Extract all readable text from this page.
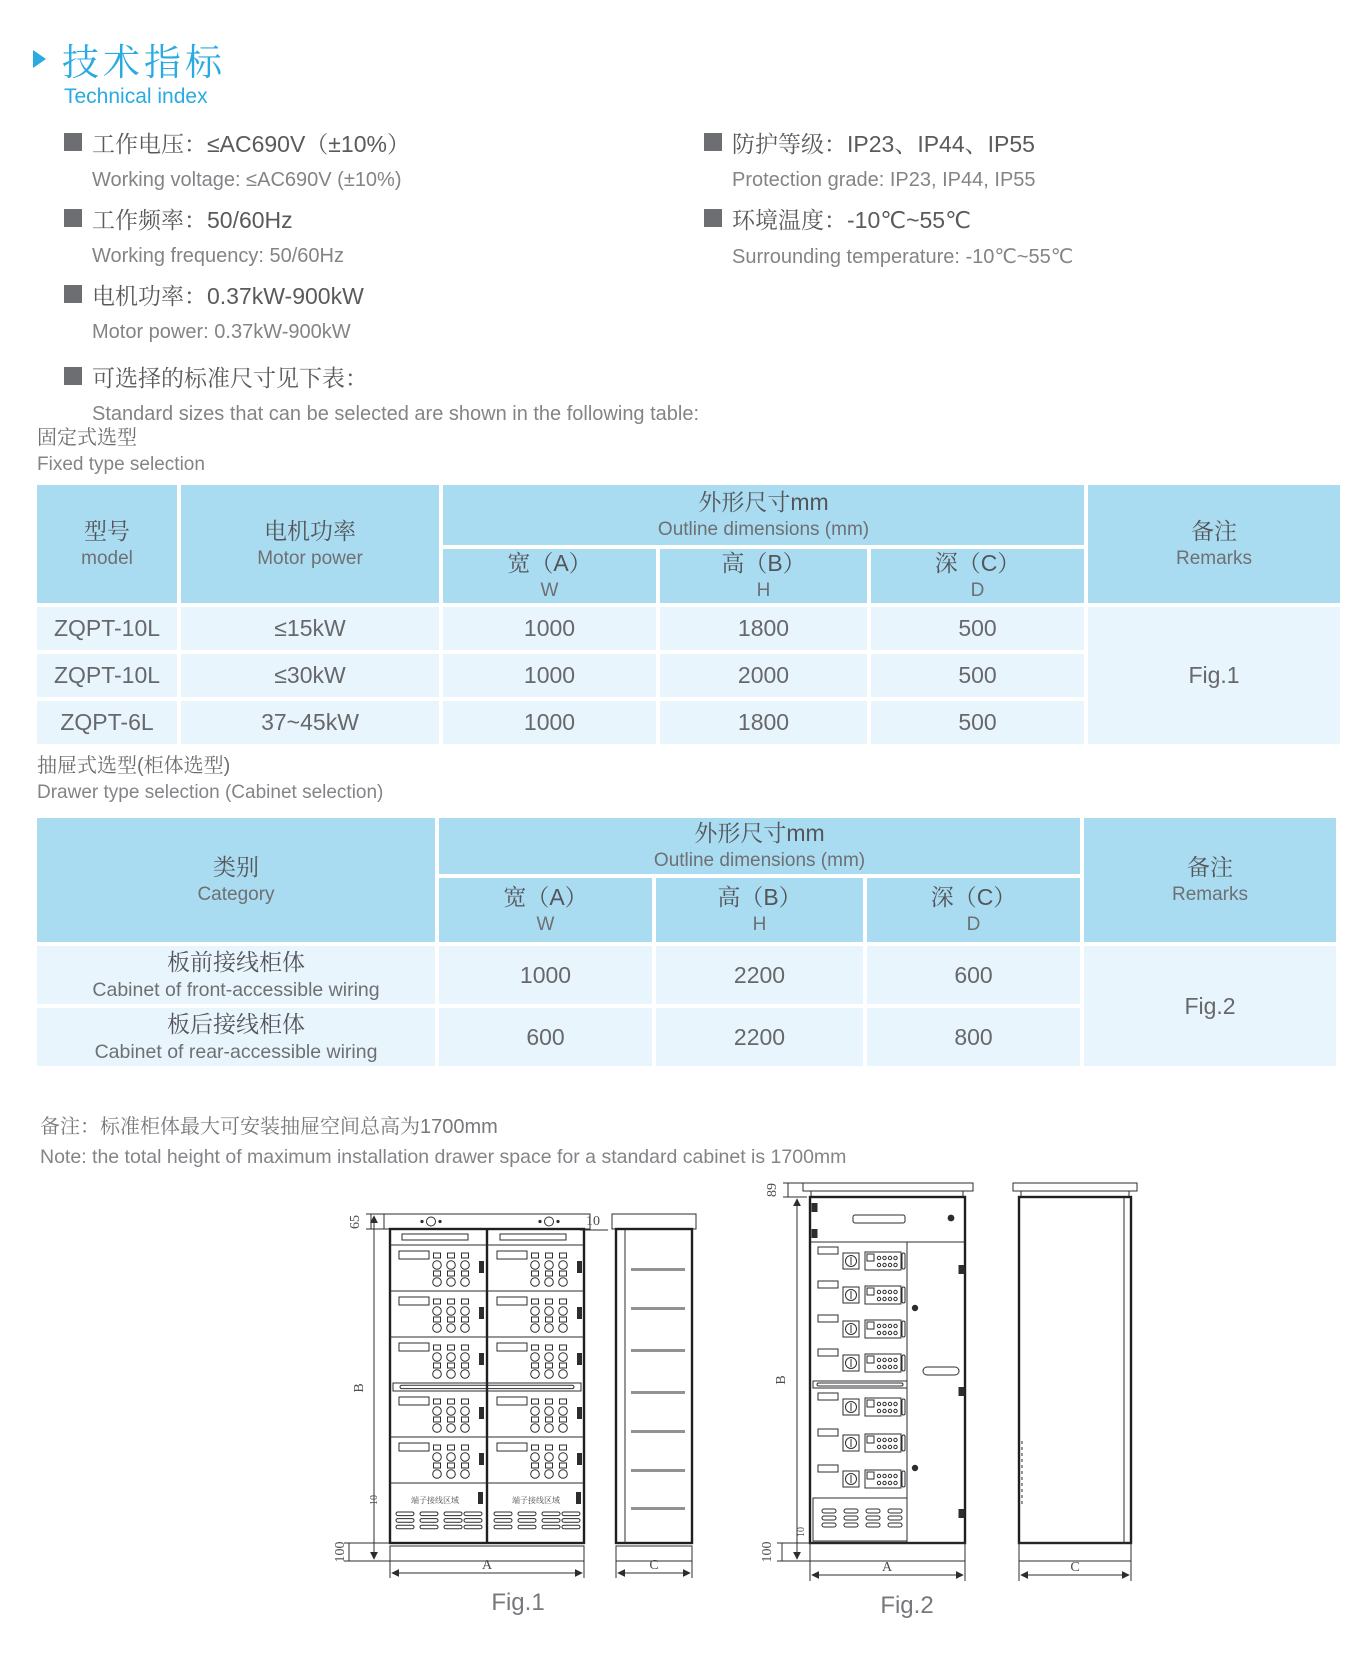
技术指标
Technical index
工作电压：≤AC690V（±10%）
Working voltage: ≤AC690V (±10%)
工作频率：50/60Hz
Working frequency: 50/60Hz
电机功率：0.37kW-900kW
Motor power: 0.37kW-900kW
防护等级：IP23、IP44、IP55
Protection grade: IP23, IP44, IP55
环境温度：-10℃~55℃
Surrounding temperature: -10℃~55℃
可选择的标准尺寸见下表：
Standard sizes that can be selected are shown in the following table:
固定式选型
Fixed type selection
型号
model	电机功率
Motor power	外形尺寸mm
Outline dimensions (mm)			备注
Remarks

		宽（A）
W	高（B）
H	深（C）
D	

ZQPT-10L	≤15kW	1000	1800	500	Fig.1
ZQPT-10L	≤30kW	1000	2000	500	
ZQPT-6L	37~45kW	1000	1800	500	
抽屉式选型(柜体选型)
Drawer type selection (Cabinet selection)
类别
Category	外形尺寸mm
Outline dimensions (mm)			备注
Remarks

	宽（A）
W	高（B）
H	深（C）
D	

板前接线柜体
Cabinet of front-accessible wiring	1000	2200	600	Fig.2

板后接线柜体
Cabinet of rear-accessible wiring	600	2200	800	
备注：标准柜体最大可安装抽屉空间总高为1700mm
Note: the total height of maximum installation drawer space for a standard cabinet is 1700mm
端子接线区域	端子接线区域
65
B
10
10
100
A	C
Fig.1
89
B
10
100
A	C
Fig.2
